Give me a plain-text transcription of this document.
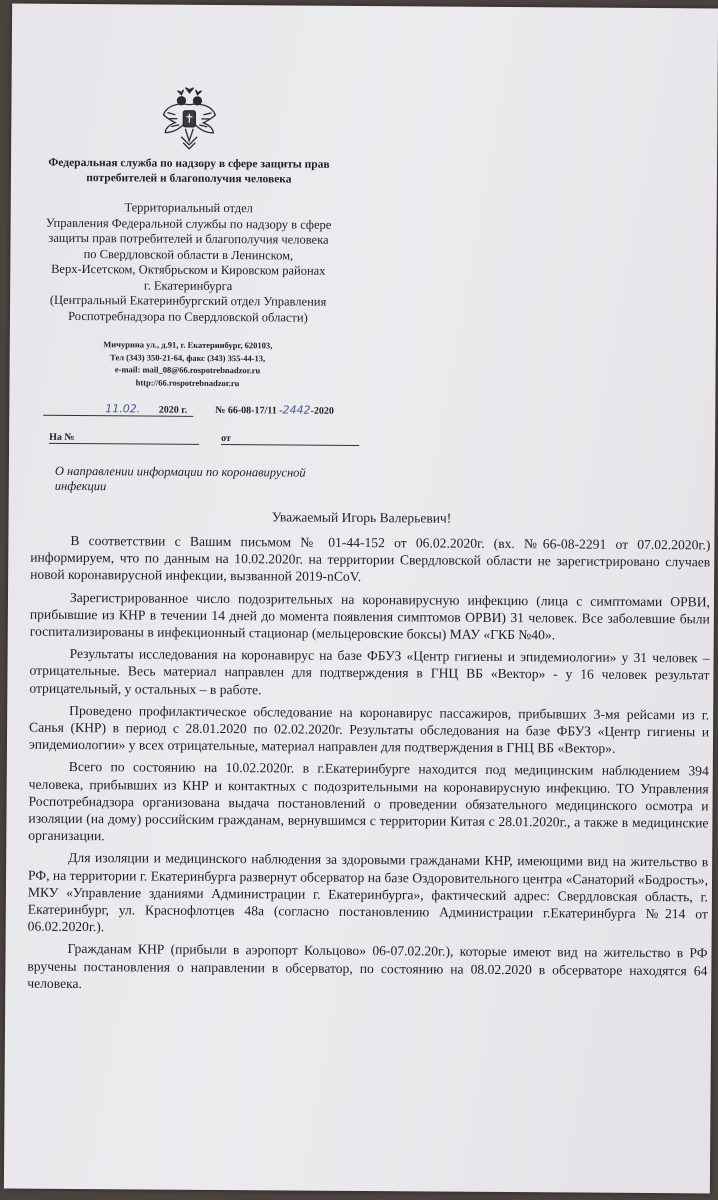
Федеральная служба по надзору в сфере защиты прав
потребителей и благополучия человека
Территориальный отдел
Управления Федеральной службы по надзору в сфере
защиты прав потребителей и благополучия человека
по Свердловской области в Ленинском,
Верх-Исетском, Октябрьском и Кировском районах
г. Екатеринбурга
(Центральный Екатеринбургский отдел Управления
Роспотребнадзора по Свердловской области)
Мичурина ул., д.91, г. Екатеринбург, 620103,
Тел (343) 350-21-64, факс (343) 355-44-13,
e-mail: mail_08@66.rospotrebnadzor.ru
http://66.rospotrebnadzor.ru
11.02. 2020 г.	№ 66-08-17/11 -2442-2020
На №	от
О направлении информации по коронавирусной инфекции
Уважаемый Игорь Валерьевич!

В соответствии с Вашим письмом № 01-44-152 от 06.02.2020г. (вх. №66-08-2291 от 07.02.2020г.) информируем, что по данным на 10.02.2020г. на территории Свердловской области не зарегистрировано случаев новой коронавирусной инфекции, вызванной 2019-nCoV.

Зарегистрированное число подозрительных на коронавирусную инфекцию (лица с симптомами ОРВИ, прибывшие из КНР в течении 14 дней до момента появления симптомов ОРВИ) 31 человек. Все заболевшие были госпитализированы в инфекционный стационар (мельцеровские боксы) МАУ «ГКБ №40».

Результаты исследования на коронавирус на базе ФБУЗ «Центр гигиены и эпидемиологии» у 31 человек – отрицательные. Весь материал направлен для подтверждения в ГНЦ ВБ «Вектор» - у 16 человек результат отрицательный, у остальных – в работе.

Проведено профилактическое обследование на коронавирус пассажиров, прибывших 3-мя рейсами из г. Санья (КНР) в период с 28.01.2020 по 02.02.2020г. Результаты обследования на базе ФБУЗ «Центр гигиены и эпидемиологии» у всех отрицательные, материал направлен для подтверждения в ГНЦ ВБ «Вектор».

Всего по состоянию на 10.02.2020г. в г.Екатеринбурге находится под медицинским наблюдением 394 человека, прибывших из КНР и контактных с подозрительными на коронавирусную инфекцию. ТО Управления Роспотребнадзора организована выдача постановлений о проведении обязательного медицинского осмотра и изоляции (на дому) российским гражданам, вернувшимся с территории Китая с 28.01.2020г., а также в медицинские организации.

Для изоляции и медицинского наблюдения за здоровыми гражданами КНР, имеющими вид на жительство в РФ, на территории г. Екатеринбурга развернут обсерватор на базе Оздоровительного центра «Санаторий «Бодрость», МКУ «Управление зданиями Администрации г. Екатеринбурга», фактический адрес: Свердловская область, г. Екатеринбург, ул. Краснофлотцев 48а (согласно постановлению Администрации г.Екатеринбурга №214 от 06.02.2020г.).

Гражданам КНР (прибыли в аэропорт Кольцово» 06-07.02.20г.), которые имеют вид на жительство в РФ вручены постановления о направлении в обсерватор, по состоянию на 08.02.2020 в обсерваторе находятся 64 человека.
